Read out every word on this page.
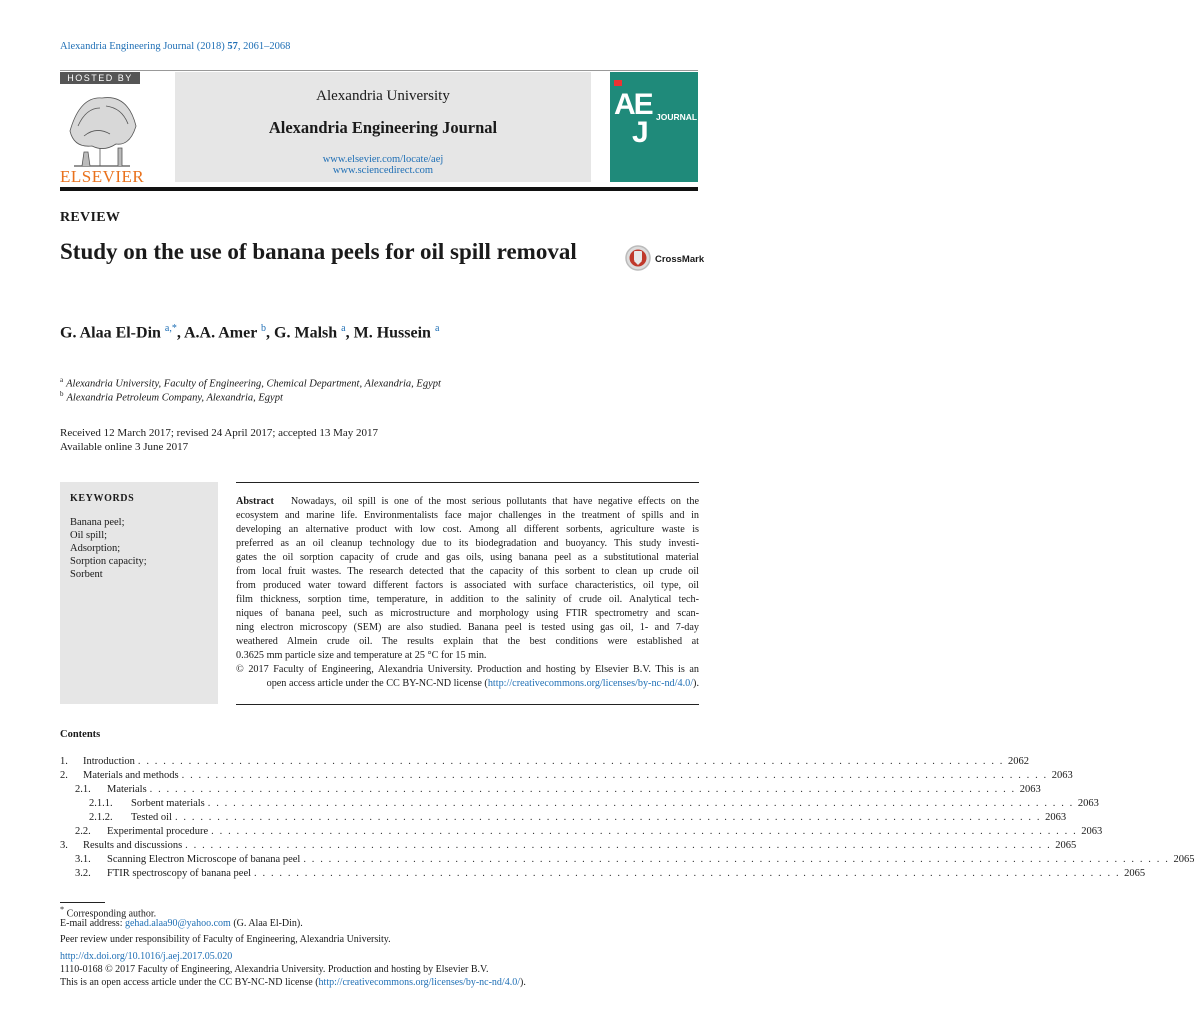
Alexandria Engineering Journal (2018) 57, 2061–2068
HOSTED BY
ELSEVIER
Alexandria University
Alexandria Engineering Journal
www.elsevier.com/locate/aej
www.sciencedirect.com
AE
J JOURNAL
REVIEW
Study on the use of banana peels for oil spill removal	CrossMark
G. Alaa El-Din $^{a,*}$, A.A. Amer $^b$, G. Malsh $^a$, M. Hussein $^a$
$^a$ Alexandria University, Faculty of Engineering, Chemical Department, Alexandria, Egypt
$^b$ Alexandria Petroleum Company, Alexandria, Egypt
Received 12 March 2017; revised 24 April 2017; accepted 13 May 2017
Available online 3 June 2017
KEYWORDS
Banana peel;
Oil spill;
Adsorption;
Sorption capacity;
Sorbent
Abstract Nowadays, oil spill is one of the most serious pollutants that have negative effects on the
ecosystem and marine life. Environmentalists face major challenges in the treatment of spills and in
developing an alternative product with low cost. Among all different sorbents, agriculture waste is
preferred as an oil cleanup technology due to its biodegradation and buoyancy. This study investi-
gates the oil sorption capacity of crude and gas oils, using banana peel as a substitutional material
from local fruit wastes. The research detected that the capacity of this sorbent to clean up crude oil
from produced water toward different factors is associated with surface characteristics, oil type, oil
film thickness, sorption time, temperature, in addition to the salinity of crude oil. Analytical tech-
niques of banana peel, such as microstructure and morphology using FTIR spectrometry and scan-
ning electron microscopy (SEM) are also studied. Banana peel is tested using gas oil, 1- and 7-day
weathered Almein crude oil. The results explain that the best conditions were established at
0.3625 mm particle size and temperature at 25 °C for 15 min.
© 2017 Faculty of Engineering, Alexandria University. Production and hosting by Elsevier B.V. This is an
open access article under the CC BY-NC-ND license (http://creativecommons.org/licenses/by-nc-nd/4.0/).
Contents
1.	Introduction . . . . . . . . . . . . . . . . . . . . . . . . . . . . . . . . . . . . . . . . . . . . . . . . . . . . . . . . . . . . . . . . . . . . . . . . . . . . . . . . . . . . . . . . . . . . . . . . . . . . . . . 2062
2.	Materials and methods . . . . . . . . . . . . . . . . . . . . . . . . . . . . . . . . . . . . . . . . . . . . . . . . . . . . . . . . . . . . . . . . . . . . . . . . . . . . . . . . . . . . . . . . . . . . . . . . . . . . . . . 2063
2.1.	Materials . . . . . . . . . . . . . . . . . . . . . . . . . . . . . . . . . . . . . . . . . . . . . . . . . . . . . . . . . . . . . . . . . . . . . . . . . . . . . . . . . . . . . . . . . . . . . . . . . . . . . . . 2063
2.1.1.	Sorbent materials . . . . . . . . . . . . . . . . . . . . . . . . . . . . . . . . . . . . . . . . . . . . . . . . . . . . . . . . . . . . . . . . . . . . . . . . . . . . . . . . . . . . . . . . . . . . . . . . . . . . . . . 2063
2.1.2.	Tested oil . . . . . . . . . . . . . . . . . . . . . . . . . . . . . . . . . . . . . . . . . . . . . . . . . . . . . . . . . . . . . . . . . . . . . . . . . . . . . . . . . . . . . . . . . . . . . . . . . . . . . . . 2063
2.2.	Experimental procedure . . . . . . . . . . . . . . . . . . . . . . . . . . . . . . . . . . . . . . . . . . . . . . . . . . . . . . . . . . . . . . . . . . . . . . . . . . . . . . . . . . . . . . . . . . . . . . . . . . . . . . . 2063
3.	Results and discussions . . . . . . . . . . . . . . . . . . . . . . . . . . . . . . . . . . . . . . . . . . . . . . . . . . . . . . . . . . . . . . . . . . . . . . . . . . . . . . . . . . . . . . . . . . . . . . . . . . . . . . . 2065
3.1.	Scanning Electron Microscope of banana peel . . . . . . . . . . . . . . . . . . . . . . . . . . . . . . . . . . . . . . . . . . . . . . . . . . . . . . . . . . . . . . . . . . . . . . . . . . . . . . . . . . . . . . . . . . . . . . . . . . . . . . . 2065
3.2.	FTIR spectroscopy of banana peel . . . . . . . . . . . . . . . . . . . . . . . . . . . . . . . . . . . . . . . . . . . . . . . . . . . . . . . . . . . . . . . . . . . . . . . . . . . . . . . . . . . . . . . . . . . . . . . . . . . . . . . 2065
* Corresponding author.
E-mail address: gehad.alaa90@yahoo.com (G. Alaa El-Din).
Peer review under responsibility of Faculty of Engineering, Alexandria University.
http://dx.doi.org/10.1016/j.aej.2017.05.020
1110-0168 © 2017 Faculty of Engineering, Alexandria University. Production and hosting by Elsevier B.V.
This is an open access article under the CC BY-NC-ND license (http://creativecommons.org/licenses/by-nc-nd/4.0/).
